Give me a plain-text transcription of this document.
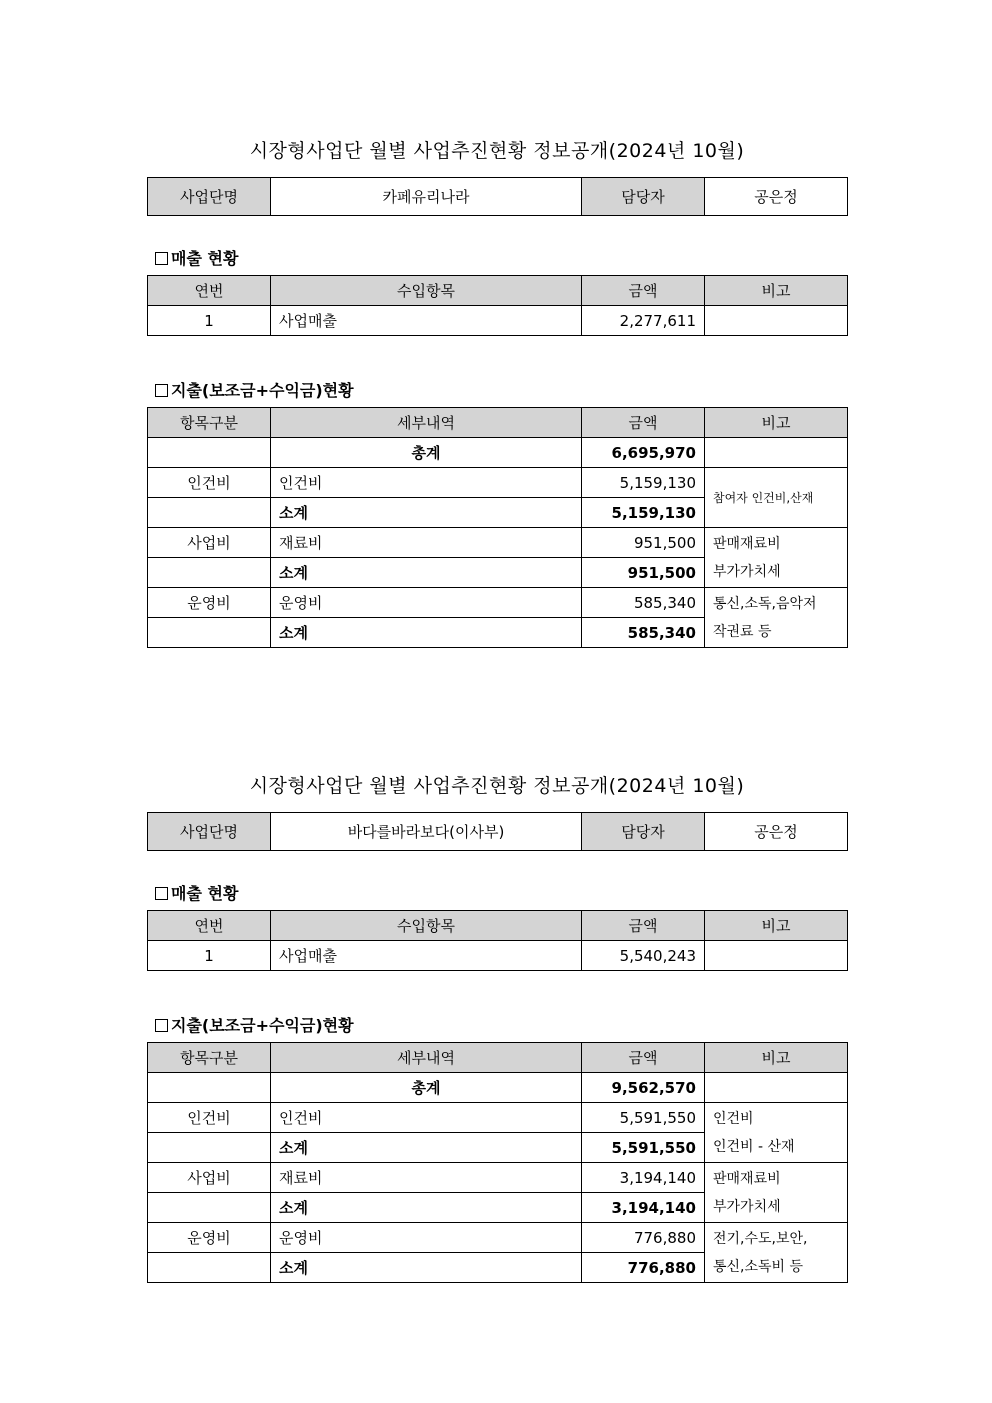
시장형사업단 월별 사업추진현황 정보공개(2024년 10월)
사업단명	카페유리나라	담당자	공은정
매출 현황
연번	수입항목	금액	비고
1	사업매출	2,277,611	
지출(보조금+수익금)현황
항목구분	세부내역	금액	비고
	총계	6,695,970	
인건비	인건비	5,159,130	참여자 인건비,산재

	소계	5,159,130	
사업비	재료비	951,500	판매재료비
부가가치세

	소계	951,500	
운영비	운영비	585,340	통신,소독,음악저
작권료 등

	소계	585,340	
시장형사업단 월별 사업추진현황 정보공개(2024년 10월)
사업단명	바다를바라보다(이사부)	담당자	공은정
매출 현황
연번	수입항목	금액	비고
1	사업매출	5,540,243	
지출(보조금+수익금)현황
항목구분	세부내역	금액	비고
	총계	9,562,570	
인건비	인건비	5,591,550	인건비
인건비 - 산재

	소계	5,591,550	
사업비	재료비	3,194,140	판매재료비
부가가치세

	소계	3,194,140	
운영비	운영비	776,880	전기,수도,보안,
통신,소독비 등

	소계	776,880	
